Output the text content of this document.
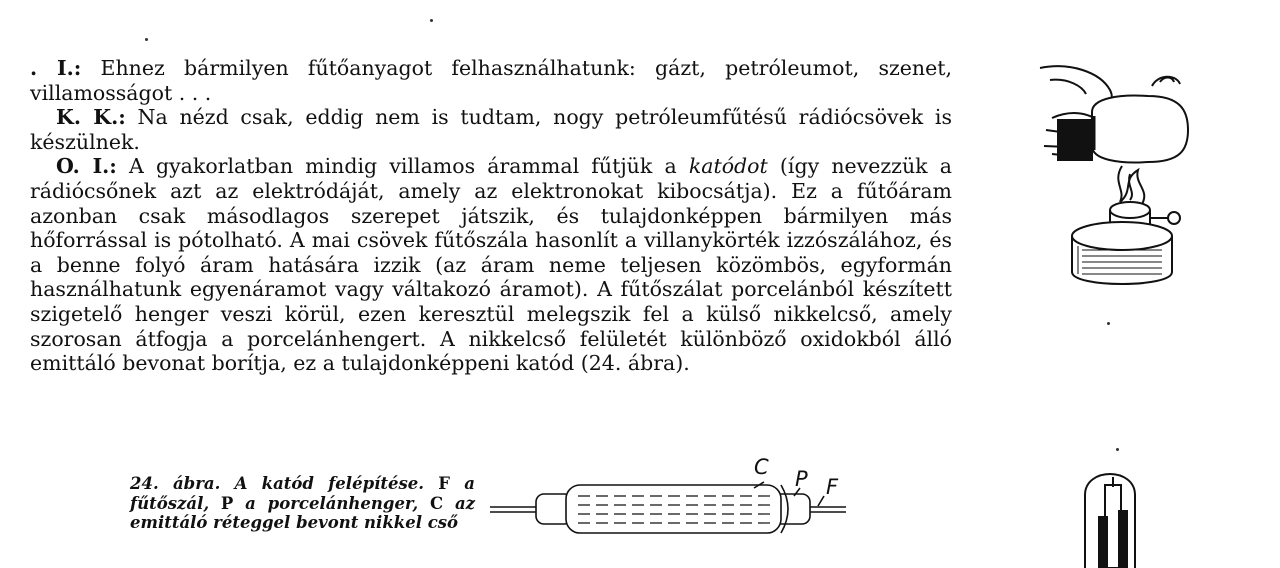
. I.: Ehnez bármilyen fűtőanyagot felhasználhatunk: gázt, petróleumot, szenet, villamosságot . . .

K. K.: Na nézd csak, eddig nem is tudtam, nogy petróleumfűtésű rádiócsövek is készülnek.

O. I.: A gyakorlatban mindig villamos árammal fűtjük a katódot (így nevezzük a rádiócsőnek azt az elektródáját, amely az elektronokat kibocsátja). Ez a fűtőáram azonban csak másodlagos szerepet játszik, és tulajdonképpen bármilyen más hőforrással is pótolható. A mai csövek fűtőszála hasonlít a villanykörték izzószálához, és a benne folyó áram hatására izzik (az áram neme teljesen közömbös, egyformán használhatunk egyenáramot vagy váltakozó áramot). A fűtőszálat porcelánból készített szigetelő henger veszi körül, ezen keresztül melegszik fel a külső nikkelcső, amely szorosan átfogja a porcelánhengert. A nikkelcső felületét különböző oxidokból álló emittáló bevonat borítja, ez a tulajdonképpeni katód (24. ábra).

24. ábra. A katód felépítése. F a fűtőszál, P a porcelánhenger, C az emittáló réteggel bevont nikkel cső
C P F
